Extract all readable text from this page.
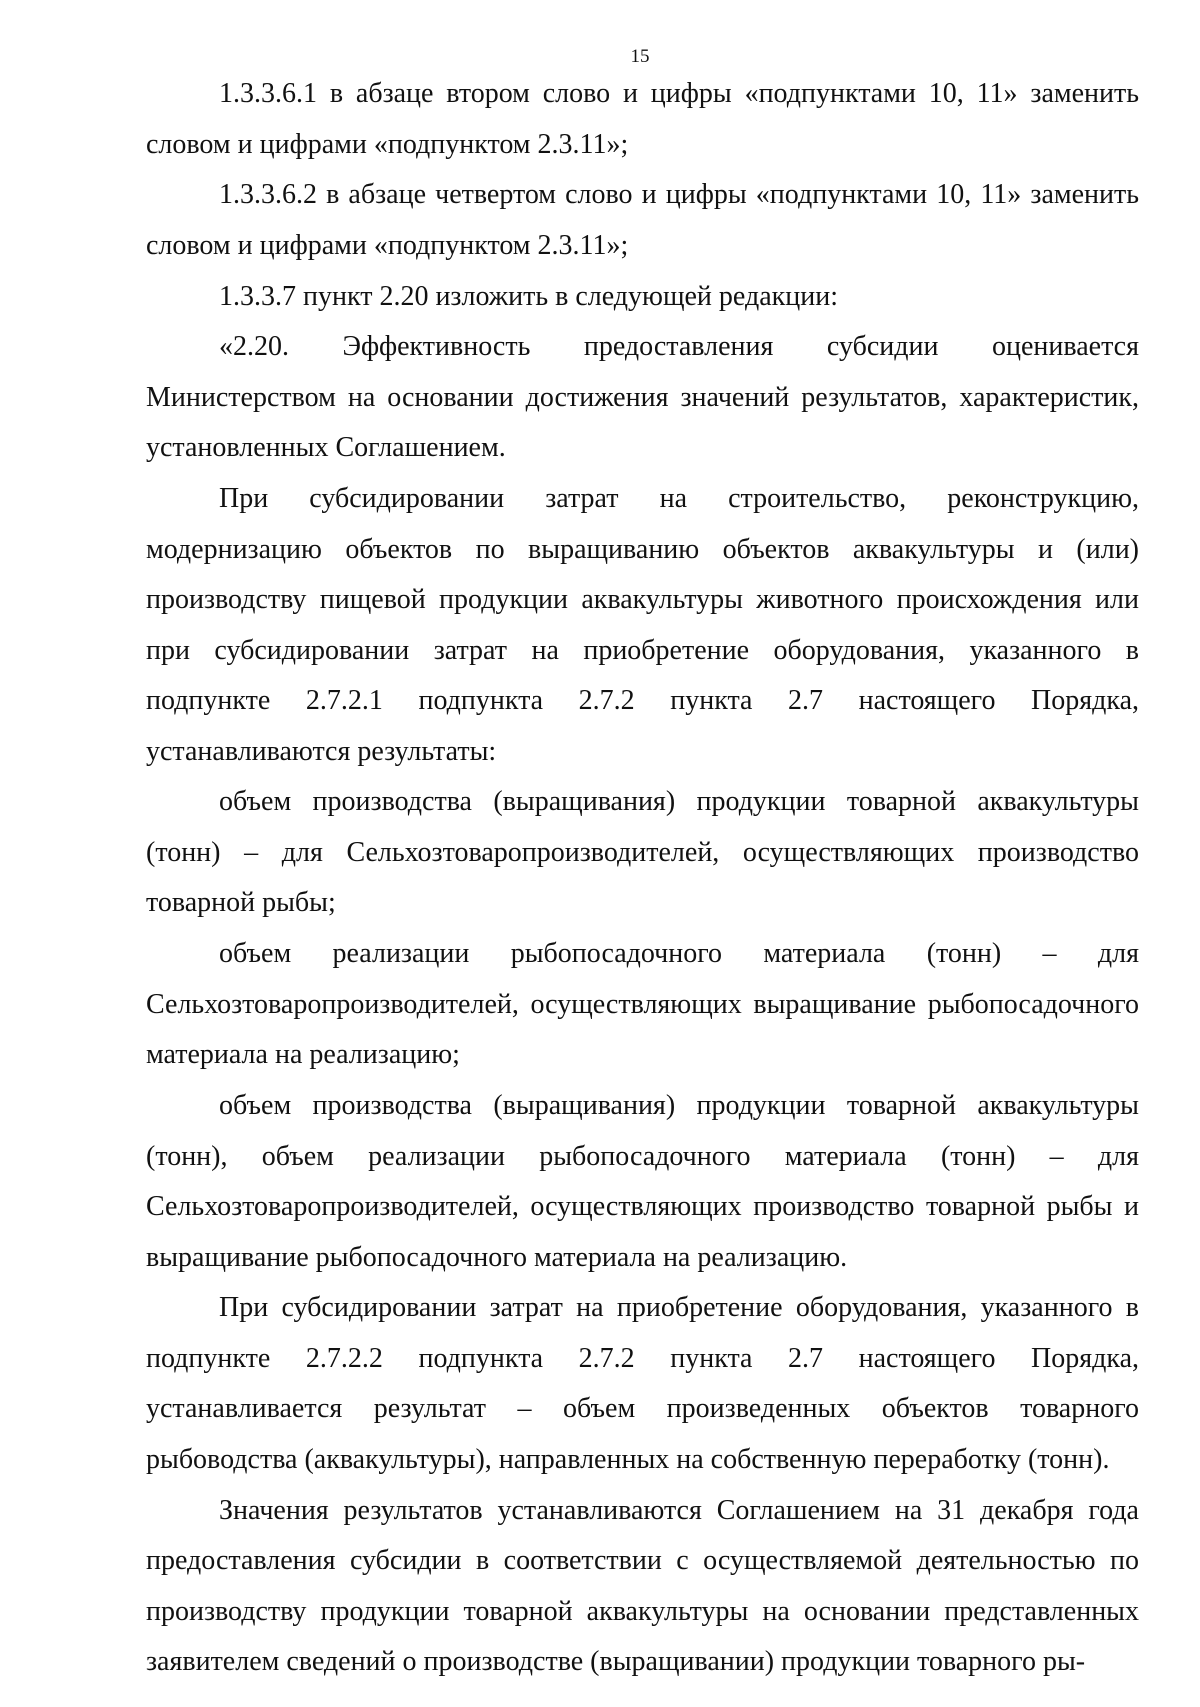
15

1.3.3.6.1 в абзаце втором слово и цифры «подпунктами 10, 11» заменить словом и цифрами «подпунктом 2.3.11»;

1.3.3.6.2 в абзаце четвертом слово и цифры «подпунктами 10, 11» заменить словом и цифрами «подпунктом 2.3.11»;

1.3.3.7 пункт 2.20 изложить в следующей редакции:

«2.20. Эффективность предоставления субсидии оценивается Министерством на основании достижения значений результатов, характеристик, установленных Соглашением.

При субсидировании затрат на строительство, реконструкцию, модернизацию объектов по выращиванию объектов аквакультуры и (или) производству пищевой продукции аквакультуры животного происхождения или при субсидировании затрат на приобретение оборудования, указанного в подпункте 2.7.2.1 подпункта 2.7.2 пункта 2.7 настоящего Порядка, устанавливаются результаты:

объем производства (выращивания) продукции товарной аквакультуры (тонн) – для Сельхозтоваропроизводителей, осуществляющих производство товарной рыбы;

объем реализации рыбопосадочного материала (тонн) – для Сельхозтоваропроизводителей, осуществляющих выращивание рыбопосадочного материала на реализацию;

объем производства (выращивания) продукции товарной аквакультуры (тонн), объем реализации рыбопосадочного материала (тонн) – для Сельхозтоваропроизводителей, осуществляющих производство товарной рыбы и выращивание рыбопосадочного материала на реализацию.

При субсидировании затрат на приобретение оборудования, указанного в подпункте 2.7.2.2 подпункта 2.7.2 пункта 2.7 настоящего Порядка, устанавливается результат – объем произведенных объектов товарного рыбоводства (аквакультуры), направленных на собственную переработку (тонн).

Значения результатов устанавливаются Соглашением на 31 декабря года предоставления субсидии в соответствии с осуществляемой деятельностью по производству продукции товарной аквакультуры на основании представленных заявителем сведений о производстве (выращивании) продукции товарного ры-
